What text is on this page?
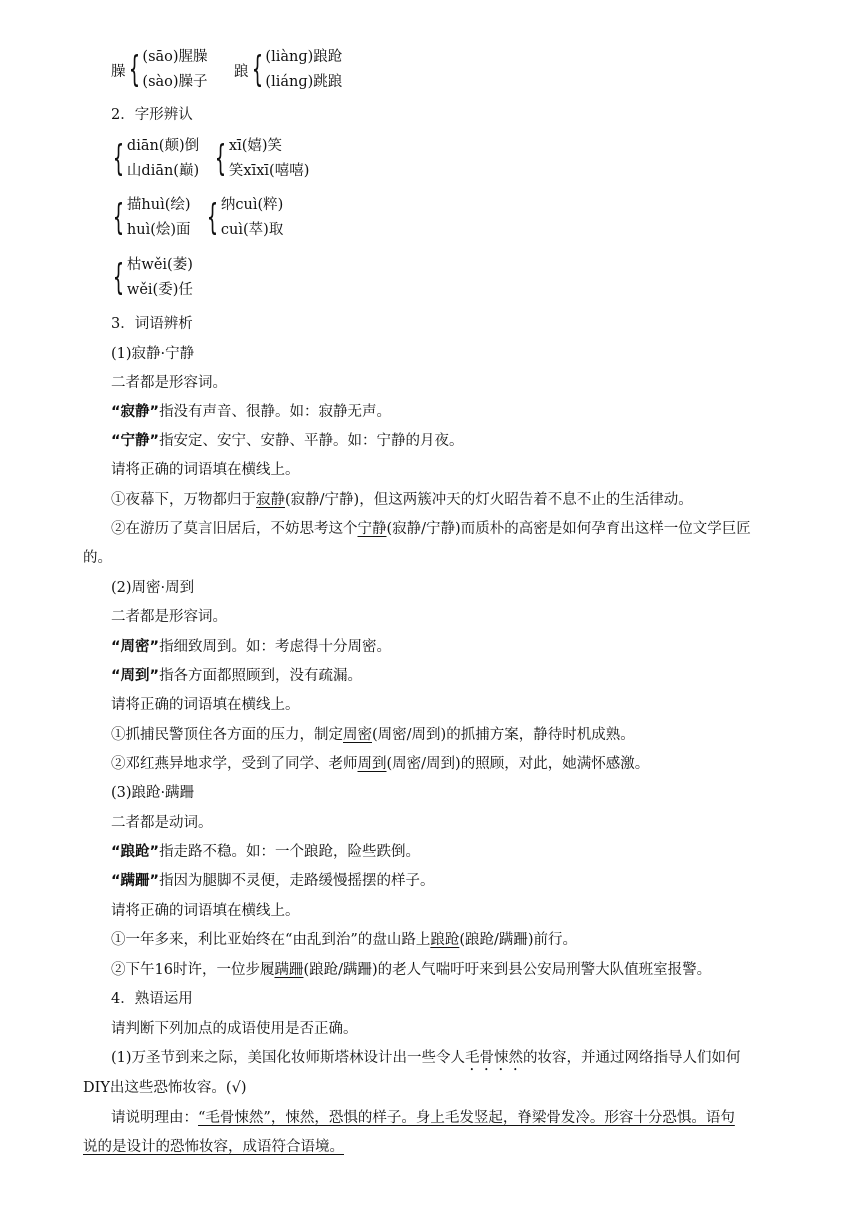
臊 { (sāo)腥臊
(sào)臊子
踉 { (liànɡ)踉跄
(liánɡ)跳踉
2．字形辨认
{ diān(颠)倒
山diān(巅) { xī(嬉)笑
笑xīxī(嘻嘻)
{ 描huì(绘)
huì(烩)面 { 纳cuì(粹)
cuì(萃)取
{ 枯wěi(萎)
wěi(委)任
3．词语辨析
(1)寂静·宁静
二者都是形容词。
“寂静”指没有声音、很静。如：寂静无声。
“宁静”指安定、安宁、安静、平静。如：宁静的月夜。
请将正确的词语填在横线上。
①夜幕下，万物都归于寂静(寂静/宁静)，但这两簇冲天的灯火昭告着不息不止的生活律动。
②在游历了莫言旧居后，不妨思考这个宁静(寂静/宁静)而质朴的高密是如何孕育出这样一位文学巨匠
的。
(2)周密·周到
二者都是形容词。
“周密”指细致周到。如：考虑得十分周密。
“周到”指各方面都照顾到，没有疏漏。
请将正确的词语填在横线上。
①抓捕民警顶住各方面的压力，制定周密(周密/周到)的抓捕方案，静待时机成熟。
②邓红燕异地求学，受到了同学、老师周到(周密/周到)的照顾，对此，她满怀感激。
(3)踉跄·蹒跚
二者都是动词。
“踉跄”指走路不稳。如：一个踉跄，险些跌倒。
“蹒跚”指因为腿脚不灵便，走路缓慢摇摆的样子。
请将正确的词语填在横线上。
①一年多来，利比亚始终在“由乱到治”的盘山路上踉跄(踉跄/蹒跚)前行。
②下午16时许，一位步履蹒跚(踉跄/蹒跚)的老人气喘吁吁来到县公安局刑警大队值班室报警。
4．熟语运用
请判断下列加点的成语使用是否正确。
(1)万圣节到来之际，美国化妆师斯塔林设计出一些令人毛骨悚然的妆容，并通过网络指导人们如何
DIY出这些恐怖妆容。(√)
请说明理由：“毛骨悚然”，悚然，恐惧的样子。身上毛发竖起，脊梁骨发冷。形容十分恐惧。语句
说的是设计的恐怖妆容，成语符合语境。
